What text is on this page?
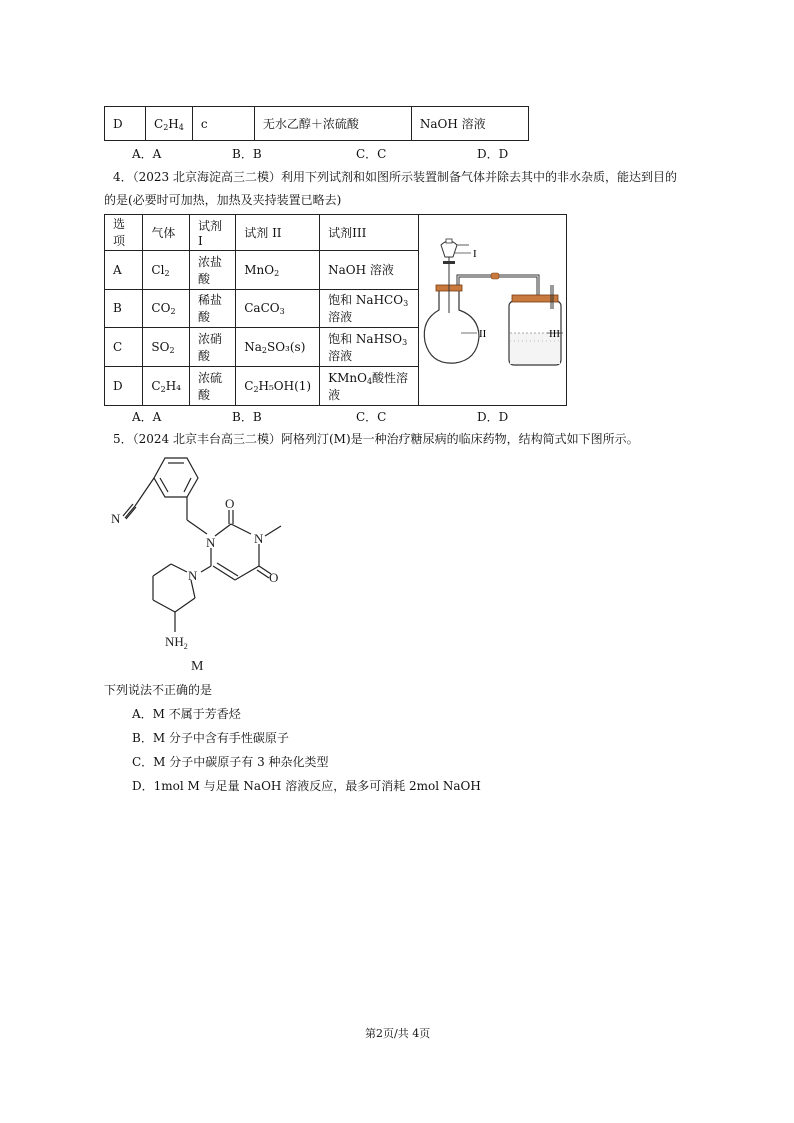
D	$C_2H_4$	c	无水乙醇＋浓硫酸	NaOH 溶液
A．A	B．B	C．C	D．D
4．（2023 北京海淀高三二模）利用下列试剂和如图所示装置制备气体并除去其中的非水杂质，能达到目的
的是(必要时可加热，加热及夹持装置已略去)
选项	气体	试剂 I	试剂 II	试剂III	I
II III

A	$Cl_2$	浓盐酸	MnO$_2$	NaOH 溶液	
B	$CO_2$	稀盐酸	CaCO$_3$	饱和 NaHCO$_3$溶液	
C	$SO_2$	浓硝酸	$Na_2SO_3(s)$	饱和 NaHSO$_3$溶液	
D	$C_2H_4$	浓硫酸	$C_2H_5OH(1)$	KMnO$_4$酸性溶液	
A．A	B．B	C．C	D．D
5．（2024 北京丰台高三二模）阿格列汀(M)是一种治疗糖尿病的临床药物，结构简式如下图所示。
N
O
N	N
O
N
$NH_2$
M
下列说法不正确的是
A．M 不属于芳香烃
B．M 分子中含有手性碳原子
C．M 分子中碳原子有 3 种杂化类型
D．1mol M 与足量 NaOH 溶液反应，最多可消耗 2mol NaOH
第2页/共 4页
